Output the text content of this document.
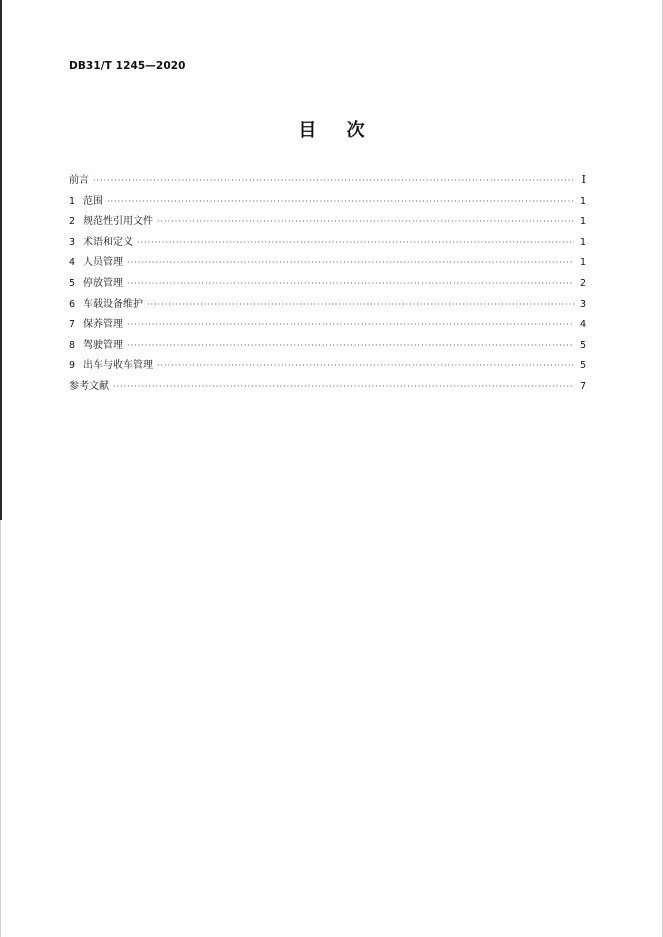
DB31/T 1245—2020
目 次
前言 ·····	I
1 范围 ·····	1
2 规范性引用文件 ·····	1
3 术语和定义 ·····	1
4 人员管理 ·····	1
5 停放管理 ·····	2
6 车载设备维护 ·····	3
7 保养管理 ·····	4
8 驾驶管理 ·····	5
9 出车与收车管理 ·····	5
参考文献 ·····	7
